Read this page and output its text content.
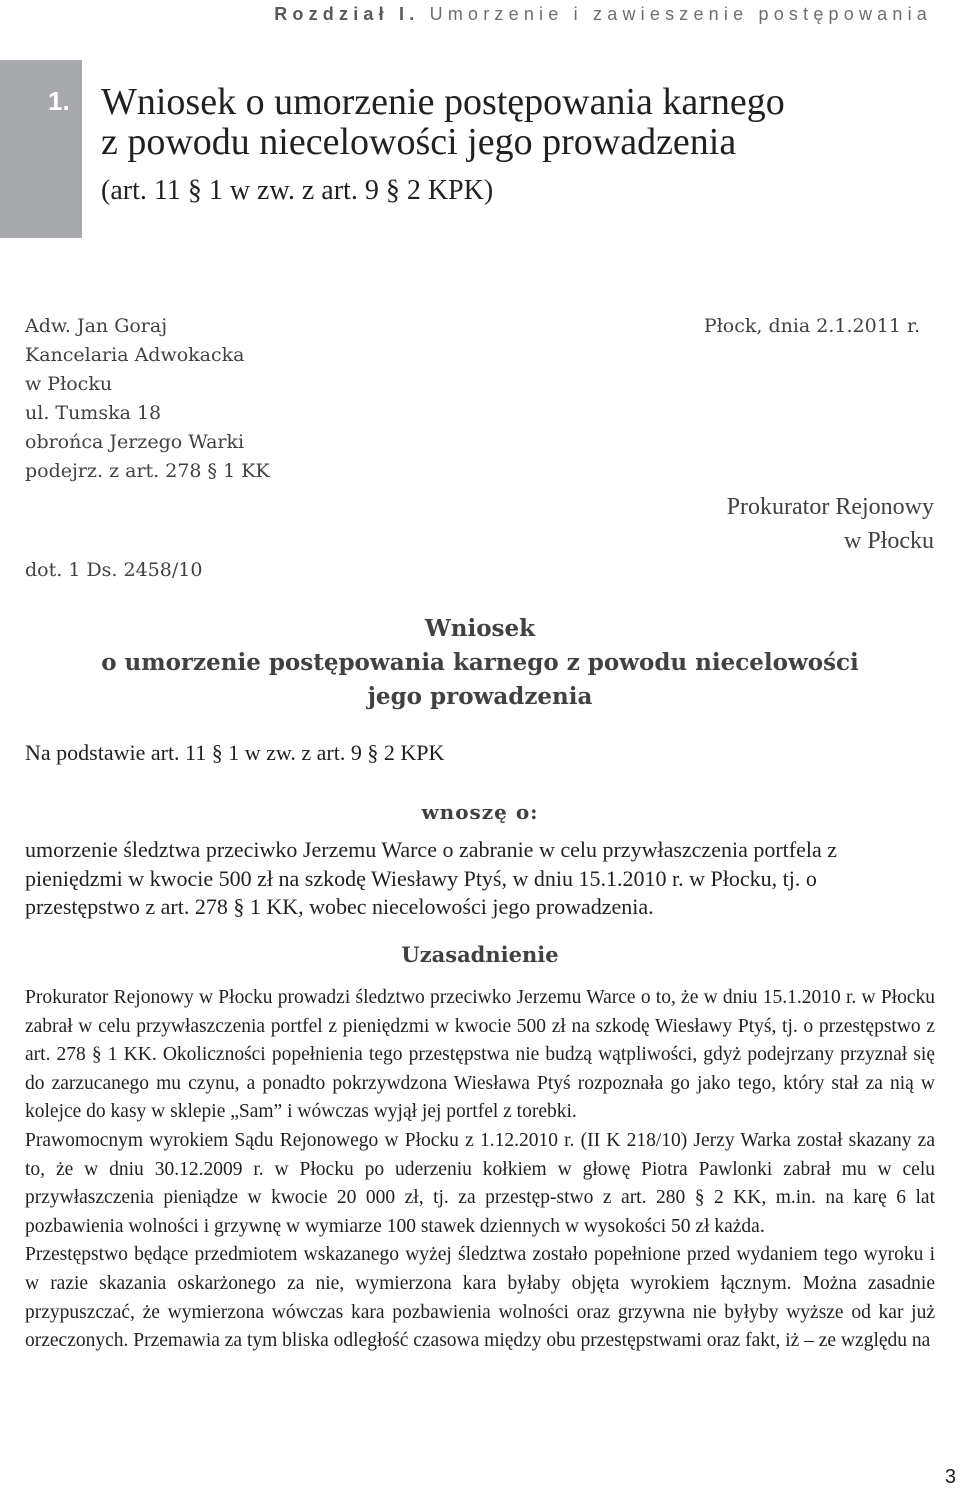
Rozdział I. Umorzenie i zawieszenie postępowania
1. Wniosek o umorzenie postępowania karnego
z powodu niecelowości jego prowadzenia
(art. 11 § 1 w zw. z art. 9 § 2 KPK)
Adw. Jan Goraj
Kancelaria Adwokacka
w Płocku
ul. Tumska 18
obrońca Jerzego Warki
podejrz. z art. 278 § 1 KK
dot. 1 Ds. 2458/10
Płock, dnia 2.1.2011 r.
Prokurator Rejonowy
w Płocku
Wniosek
o umorzenie postępowania karnego z powodu niecelowości
jego prowadzenia
Na podstawie art. 11 § 1 w zw. z art. 9 § 2 KPK
wnoszę o:
umorzenie śledztwa przeciwko Jerzemu Warce o zabranie w celu przywłaszczenia portfela z pieniędzmi w kwocie 500 zł na szkodę Wiesławy Ptyś, w dniu 15.1.2010 r. w Płocku, tj. o przestępstwo z art. 278 § 1 KK, wobec niecelowości jego prowadzenia.
Uzasadnienie
Prokurator Rejonowy w Płocku prowadzi śledztwo przeciwko Jerzemu Warce o to, że w dniu 15.1.2010 r. w Płocku zabrał w celu przywłaszczenia portfel z pieniędzmi w kwocie 500 zł na szkodę Wiesławy Ptyś, tj. o przestępstwo z art. 278 § 1 KK. Okoliczności popełnienia tego przestępstwa nie budzą wątpliwości, gdyż podejrzany przyznał się do zarzucanego mu czynu, a ponadto pokrzywdzona Wiesława Ptyś rozpoznała go jako tego, który stał za nią w kolejce do kasy w sklepie „Sam” i wówczas wyjął jej portfel z torebki.
Prawomocnym wyrokiem Sądu Rejonowego w Płocku z 1.12.2010 r. (II K 218/10) Jerzy Warka został skazany za to, że w dniu 30.12.2009 r. w Płocku po uderzeniu kołkiem w głowę Piotra Pawlonki zabrał mu w celu przywłaszczenia pieniądze w kwocie 20 000 zł, tj. za przestęp-stwo z art. 280 § 2 KK, m.in. na karę 6 lat pozbawienia wolności i grzywnę w wymiarze 100 stawek dziennych w wysokości 50 zł każda.
Przestępstwo będące przedmiotem wskazanego wyżej śledztwa zostało popełnione przed wydaniem tego wyroku i w razie skazania oskarżonego za nie, wymierzona kara byłaby objęta wyrokiem łącznym. Można zasadnie przypuszczać, że wymierzona wówczas kara pozbawienia wolności oraz grzywna nie byłyby wyższe od kar już orzeczonych. Przemawia za tym bliska odległość czasowa między obu przestępstwami oraz fakt, iż – ze względu na
3
